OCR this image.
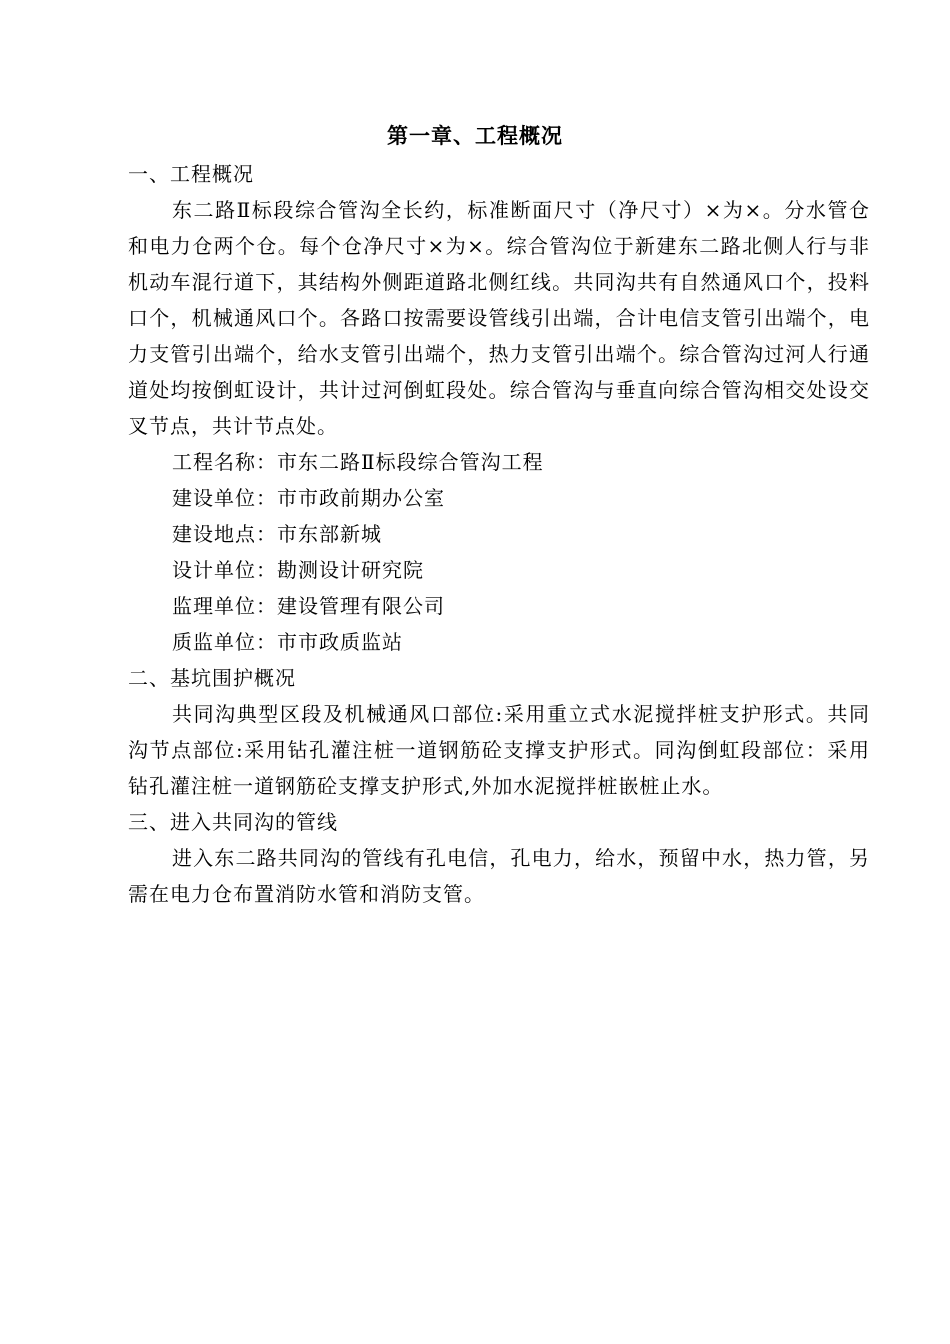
第一章、工程概况

一、工程概况

东二路Ⅱ标段综合管沟全长约，标准断面尺寸（净尺寸）×为×。分水管仓和电力仓两个仓。每个仓净尺寸×为×。综合管沟位于新建东二路北侧人行与非机动车混行道下，其结构外侧距道路北侧红线。共同沟共有自然通风口个，投料口个，机械通风口个。各路口按需要设管线引出端，合计电信支管引出端个，电力支管引出端个，给水支管引出端个，热力支管引出端个。综合管沟过河人行通道处均按倒虹设计，共计过河倒虹段处。综合管沟与垂直向综合管沟相交处设交叉节点，共计节点处。

工程名称：市东二路Ⅱ标段综合管沟工程

建设单位：市市政前期办公室

建设地点：市东部新城

设计单位：勘测设计研究院

监理单位：建设管理有限公司

质监单位：市市政质监站

二、基坑围护概况

共同沟典型区段及机械通风口部位:采用重立式水泥搅拌桩支护形式。共同沟节点部位:采用钻孔灌注桩一道钢筋砼支撑支护形式。同沟倒虹段部位：采用钻孔灌注桩一道钢筋砼支撑支护形式,外加水泥搅拌桩嵌桩止水。

三、进入共同沟的管线

进入东二路共同沟的管线有孔电信，孔电力，给水，预留中水，热力管，另需在电力仓布置消防水管和消防支管。
